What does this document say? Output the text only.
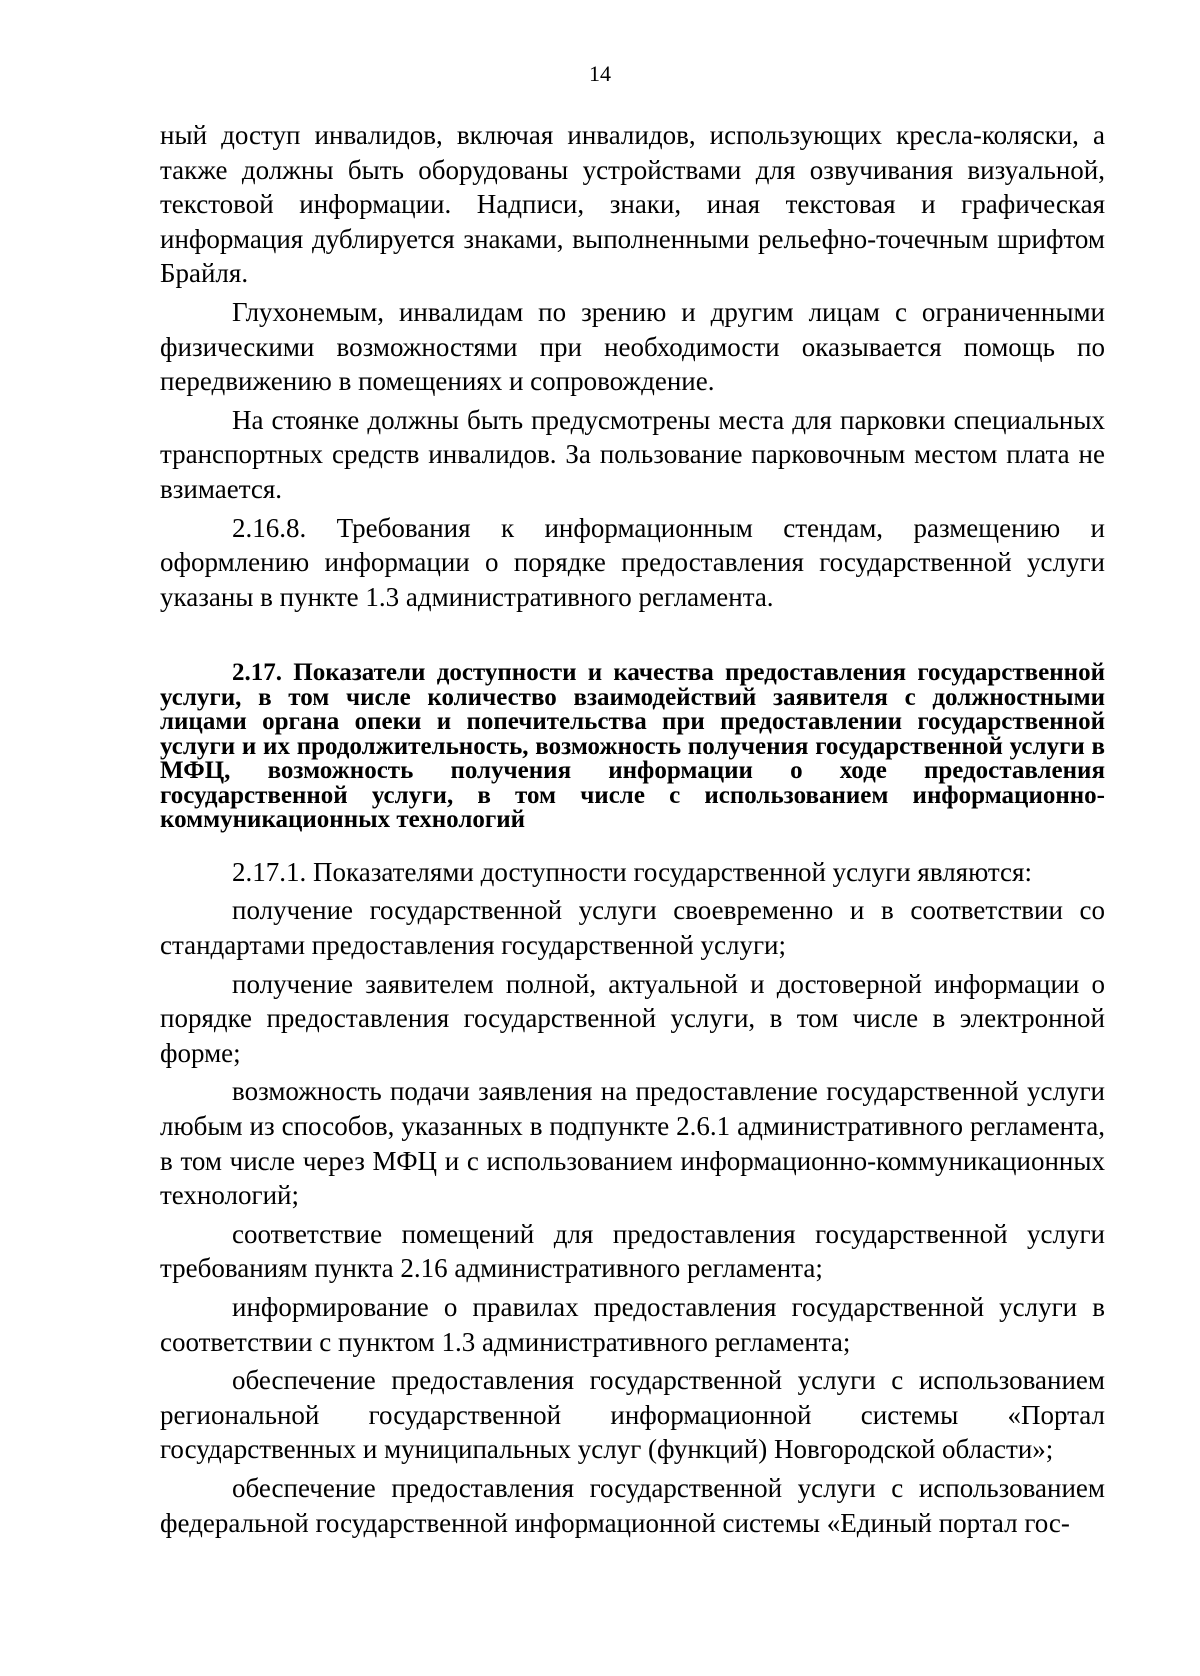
14

ный доступ инвалидов, включая инвалидов, использующих кресла-коляски, а также должны быть оборудованы устройствами для озвучивания визуальной, текстовой информации. Надписи, знаки, иная текстовая и графическая информация дублируется знаками, выполненными рельефно-точечным шрифтом Брайля.

Глухонемым, инвалидам по зрению и другим лицам с ограниченными физическими возможностями при необходимости оказывается помощь по передвижению в помещениях и сопровождение.

На стоянке должны быть предусмотрены места для парковки специальных транспортных средств инвалидов. За пользование парковочным местом плата не взимается.

2.16.8. Требования к информационным стендам, размещению и оформлению информации о порядке предоставления государственной услуги указаны в пункте 1.3 административного регламента.

2.17. Показатели доступности и качества предоставления государственной услуги, в том числе количество взаимодействий заявителя с должностными лицами органа опеки и попечительства при предоставлении государственной услуги и их продолжительность, возможность получения государственной услуги в МФЦ, возможность получения информации о ходе предоставления государственной услуги, в том числе с использованием информационно-коммуникационных технологий

2.17.1. Показателями доступности государственной услуги являются:

получение государственной услуги своевременно и в соответствии со стандартами предоставления государственной услуги;

получение заявителем полной, актуальной и достоверной информации о порядке предоставления государственной услуги, в том числе в электронной форме;

возможность подачи заявления на предоставление государственной услуги любым из способов, указанных в подпункте 2.6.1 административного регламента, в том числе через МФЦ и с использованием информационно-коммуникационных технологий;

соответствие помещений для предоставления государственной услуги требованиям пункта 2.16 административного регламента;

информирование о правилах предоставления государственной услуги в соответствии с пунктом 1.3 административного регламента;

обеспечение предоставления государственной услуги с использованием региональной государственной информационной системы «Портал государственных и муниципальных услуг (функций) Новгородской области»;

обеспечение предоставления государственной услуги с использованием федеральной государственной информационной системы «Единый портал гос-
